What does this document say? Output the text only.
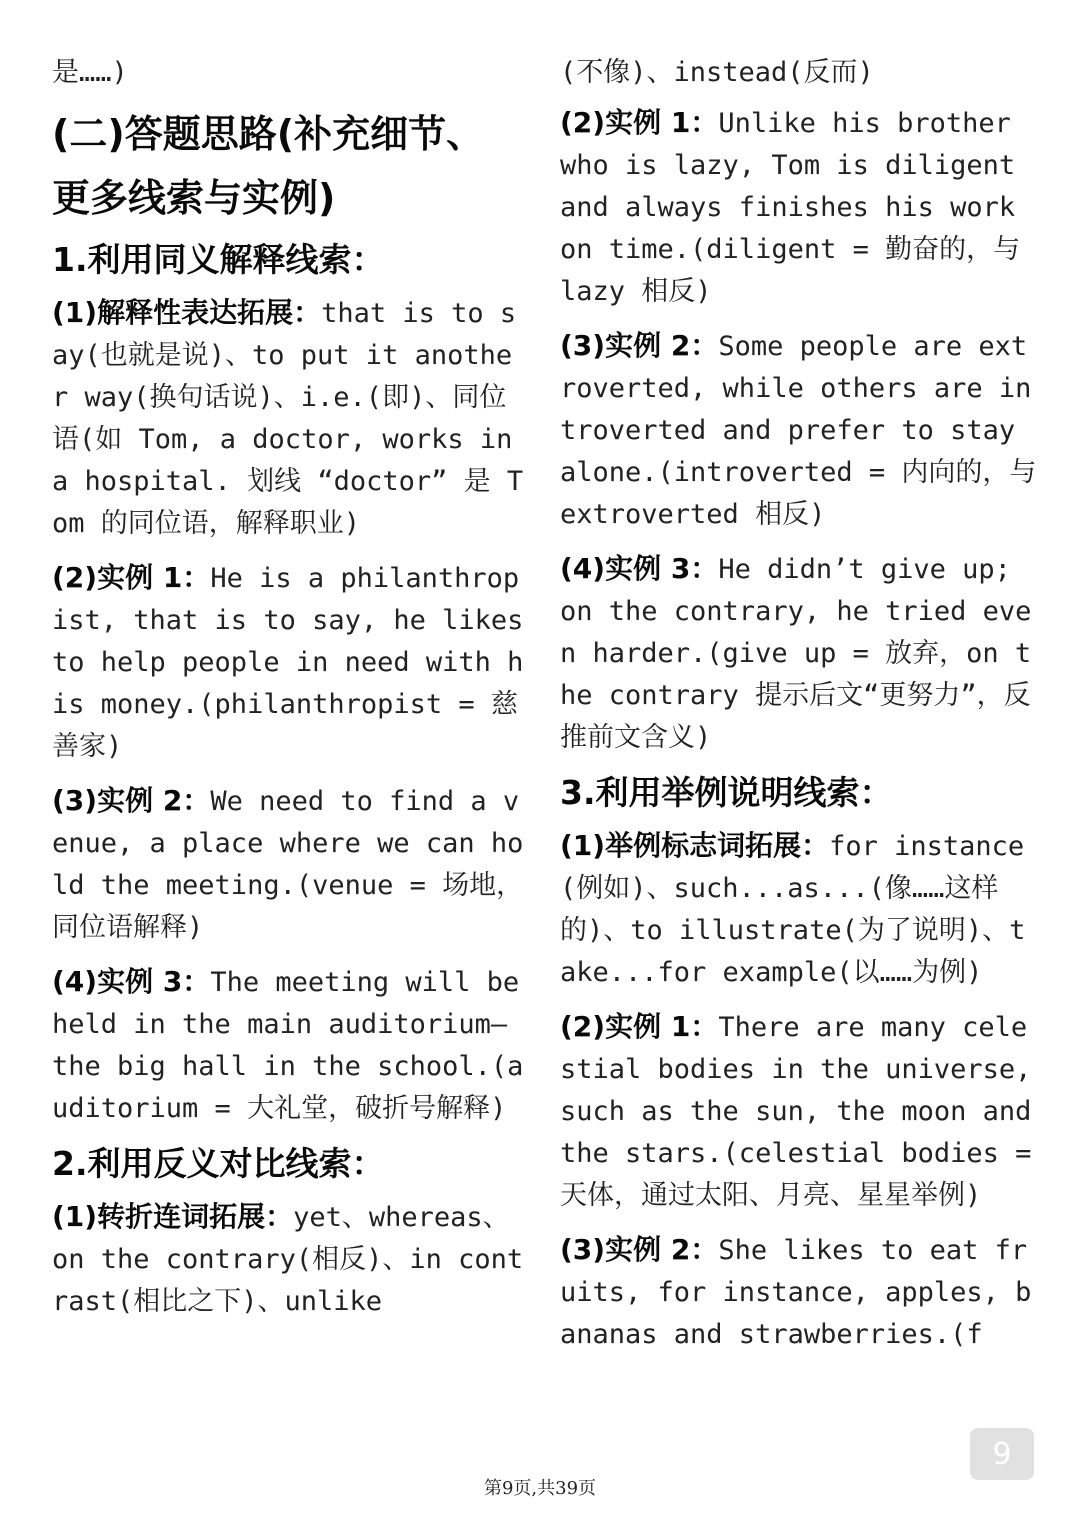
是……)
(二)答题思路(补充细节、
更多线索与实例)
1.利用同义解释线索：

(1)解释性表达拓展：that is to say(也就是说)、to put it another way(换句话说)、i.e.(即)、同位语(如 Tom, a doctor, works in a hospital. 划线 “doctor” 是 Tom 的同位语，解释职业)

(2)实例 1：He is a philanthropist, that is to say, he likes to help people in need with his money.(philanthropist = 慈善家)

(3)实例 2：We need to find a venue, a place where we can hold the meeting.(venue = 场地，同位语解释)

(4)实例 3：The meeting will be held in the main auditorium— the big hall in the school.(auditorium = 大礼堂，破折号解释)

2.利用反义对比线索：

(1)转折连词拓展：yet、whereas、on the contrary(相反)、in contrast(相比之下)、unlike

(不像)、instead(反而)

(2)实例 1：Unlike his brother who is lazy, Tom is diligent and always finishes his work on time.(diligent = 勤奋的，与 lazy 相反)

(3)实例 2：Some people are extroverted, while others are introverted and prefer to stay alone.(introverted = 内向的，与 extroverted 相反)

(4)实例 3：He didn’t give up; on the contrary, he tried even harder.(give up = 放弃，on the contrary 提示后文“更努力”，反推前文含义)

3.利用举例说明线索：

(1)举例标志词拓展：for instance(例如)、such...as...(像……这样的)、to illustrate(为了说明)、take...for example(以……为例)

(2)实例 1：There are many celestial bodies in the universe, such as the sun, the moon and the stars.(celestial bodies = 天体，通过太阳、月亮、星星举例)

(3)实例 2：She likes to eat fruits, for instance, apples, bananas and strawberries.(f

9
第9页,共39页
